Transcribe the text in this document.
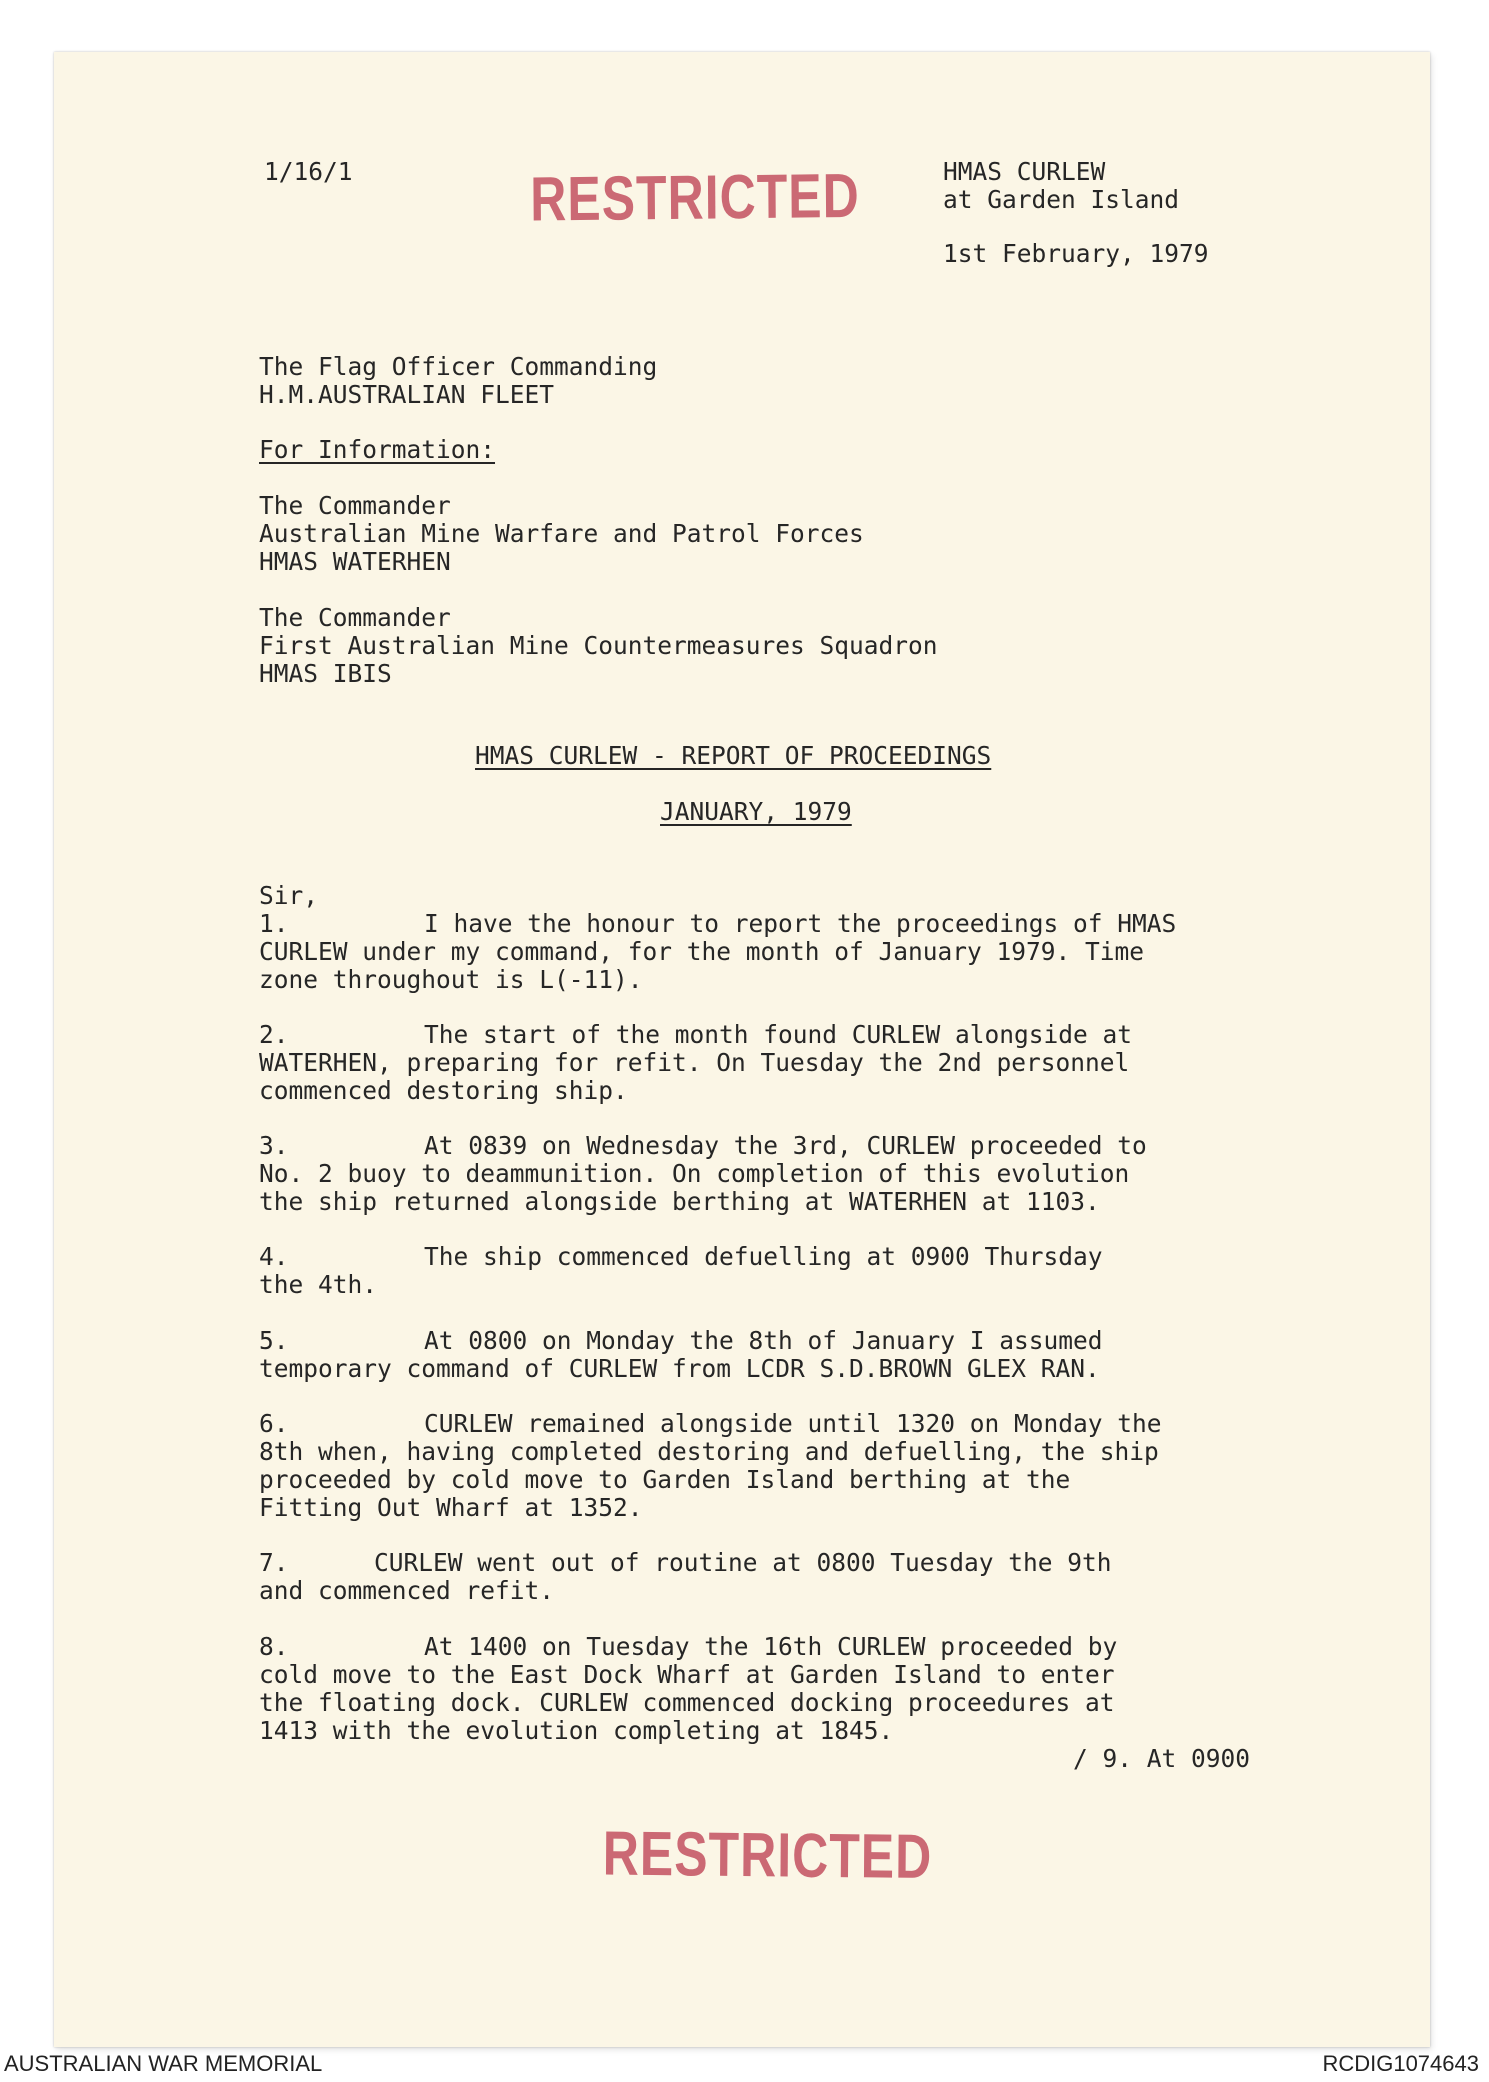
1/16/1	RESTRICTED	HMAS CURLEW

at Garden Island

1st February, 1979

The Flag Officer Commanding

H.M.AUSTRALIAN FLEET

For Information:

The Commander

Australian Mine Warfare and Patrol Forces

HMAS WATERHEN

The Commander

First Australian Mine Countermeasures Squadron

HMAS IBIS

HMAS CURLEW - REPORT OF PROCEEDINGS

JANUARY, 1979

Sir,

1.	I have the honour to report the proceedings of HMAS

CURLEW under my command, for the month of January 1979. Time

zone throughout is L(-11).

2.	The start of the month found CURLEW alongside at

WATERHEN, preparing for refit. On Tuesday the 2nd personnel

commenced destoring ship.

3.	At 0839 on Wednesday the 3rd, CURLEW proceeded to

No. 2 buoy to deammunition. On completion of this evolution

the ship returned alongside berthing at WATERHEN at 1103.

4.	The ship commenced defuelling at 0900 Thursday

the 4th.

5.	At 0800 on Monday the 8th of January I assumed

temporary command of CURLEW from LCDR S.D.BROWN GLEX RAN.

6.	CURLEW remained alongside until 1320 on Monday the

8th when, having completed destoring and defuelling, the ship

proceeded by cold move to Garden Island berthing at the

Fitting Out Wharf at 1352.

7.	CURLEW went out of routine at 0800 Tuesday the 9th

and commenced refit.

8.	At 1400 on Tuesday the 16th CURLEW proceeded by

cold move to the East Dock Wharf at Garden Island to enter

the floating dock. CURLEW commenced docking proceedures at

1413 with the evolution completing at 1845.

/ 9. At 0900

RESTRICTED
AUSTRALIAN WAR MEMORIAL	RCDIG1074643
